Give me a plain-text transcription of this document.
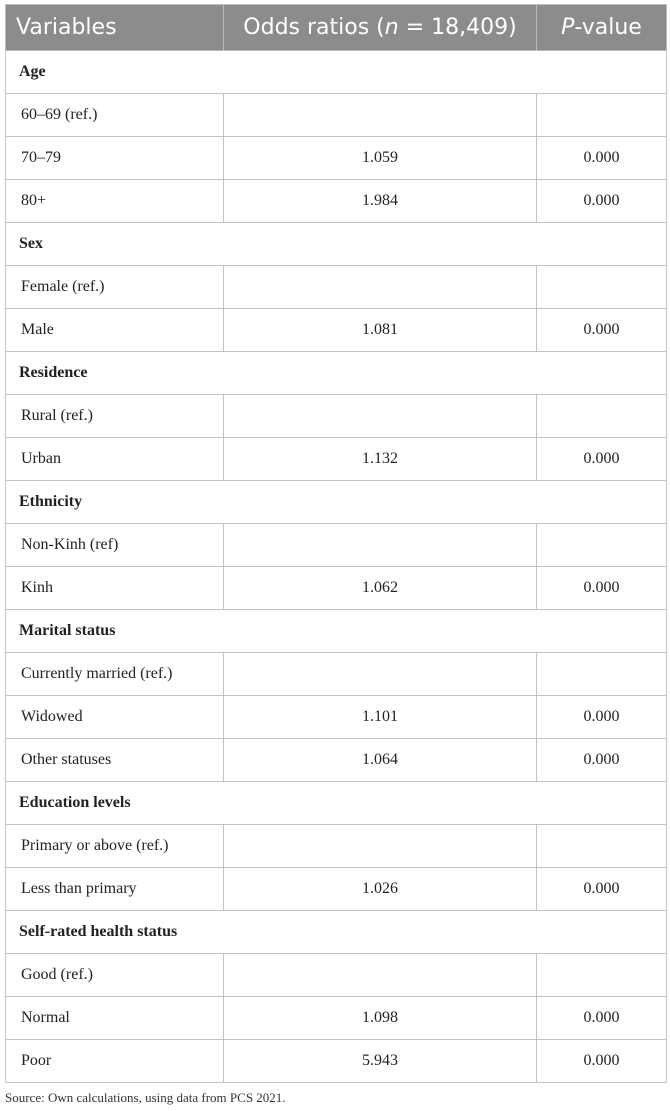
Variables	Odds ratios (n = 18,409)	P-value
Age		
60–69 (ref.)		
70–79	1.059	0.000
80+	1.984	0.000
Sex		
Female (ref.)		
Male	1.081	0.000
Residence		
Rural (ref.)		
Urban	1.132	0.000
Ethnicity		
Non-Kinh (ref)		
Kinh	1.062	0.000
Marital status		
Currently married (ref.)		
Widowed	1.101	0.000
Other statuses	1.064	0.000
Education levels		
Primary or above (ref.)		
Less than primary	1.026	0.000
Self-rated health status		
Good (ref.)		
Normal	1.098	0.000
Poor	5.943	0.000
Source: Own calculations, using data from PCS 2021.
